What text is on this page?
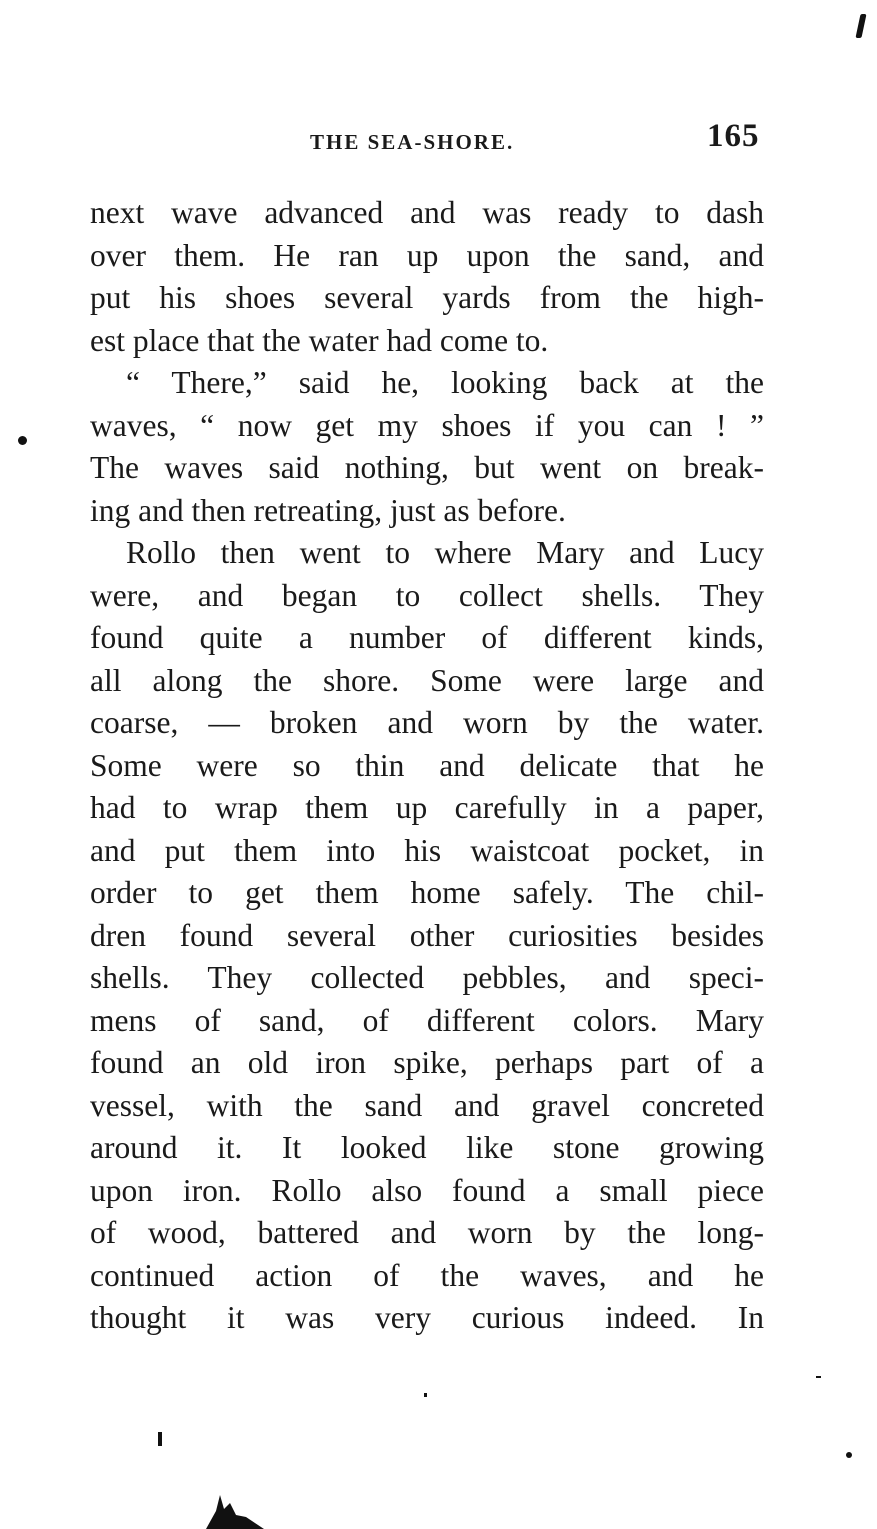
THE SEA-SHORE.	165
next wave advanced and was ready to dash
over them. He ran up upon the sand, and
put his shoes several yards from the high-
est place that the water had come to.
“ There,” said he, looking back at the
waves, “ now get my shoes if you can ! ”
The waves said nothing, but went on break-
ing and then retreating, just as before.
Rollo then went to where Mary and Lucy
were, and began to collect shells. They
found quite a number of different kinds,
all along the shore. Some were large and
coarse, — broken and worn by the water.
Some were so thin and delicate that he
had to wrap them up carefully in a paper,
and put them into his waistcoat pocket, in
order to get them home safely. The chil-
dren found several other curiosities besides
shells. They collected pebbles, and speci-
mens of sand, of different colors. Mary
found an old iron spike, perhaps part of a
vessel, with the sand and gravel concreted
around it. It looked like stone growing
upon iron. Rollo also found a small piece
of wood, battered and worn by the long-
continued action of the waves, and he
thought it was very curious indeed. In
